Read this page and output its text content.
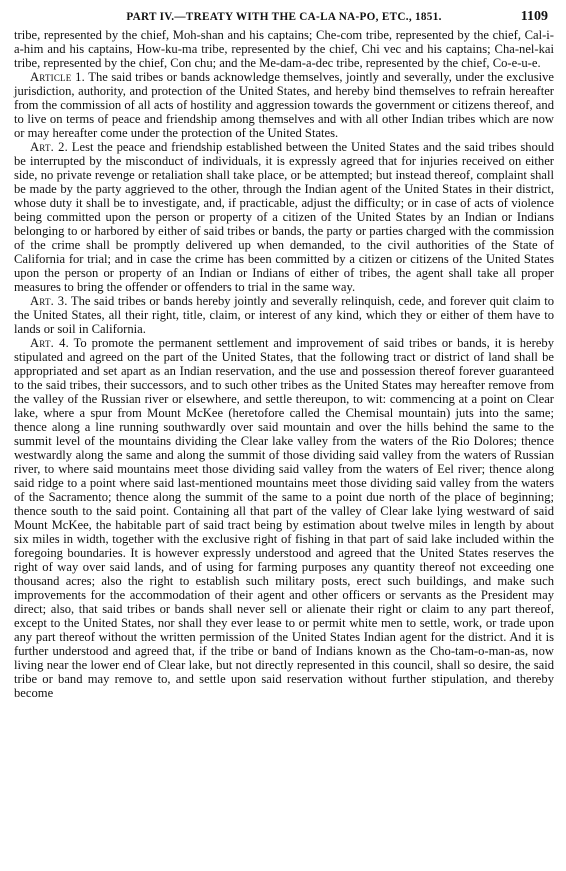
PART IV.—TREATY WITH THE CA-LA NA-PO, ETC., 1851.	1109

tribe, represented by the chief, Moh-shan and his captains; Che-com tribe, represented by the chief, Cal-i-a-him and his captains, How-ku-ma tribe, represented by the chief, Chi vec and his captains; Cha-nel-kai tribe, represented by the chief, Con chu; and the Me-dam-a-dec tribe, represented by the chief, Co-e-u-e.

Article 1. The said tribes or bands acknowledge themselves, jointly and severally, under the exclusive jurisdiction, authority, and protection of the United States, and hereby bind themselves to refrain hereafter from the commission of all acts of hostility and aggression towards the government or citizens thereof, and to live on terms of peace and friendship among themselves and with all other Indian tribes which are now or may hereafter come under the protection of the United States.

Art. 2. Lest the peace and friendship established between the United States and the said tribes should be interrupted by the misconduct of individuals, it is expressly agreed that for injuries received on either side, no private revenge or retaliation shall take place, or be attempted; but instead thereof, complaint shall be made by the party aggrieved to the other, through the Indian agent of the United States in their district, whose duty it shall be to investigate, and, if practicable, adjust the difficulty; or in case of acts of violence being committed upon the person or property of a citizen of the United States by an Indian or Indians belonging to or harbored by either of said tribes or bands, the party or parties charged with the commission of the crime shall be promptly delivered up when demanded, to the civil authorities of the State of California for trial; and in case the crime has been committed by a citizen or citizens of the United States upon the person or property of an Indian or Indians of either of tribes, the agent shall take all proper measures to bring the offender or offenders to trial in the same way.

Art. 3. The said tribes or bands hereby jointly and severally relinquish, cede, and forever quit claim to the United States, all their right, title, claim, or interest of any kind, which they or either of them have to lands or soil in California.

Art. 4. To promote the permanent settlement and improvement of said tribes or bands, it is hereby stipulated and agreed on the part of the United States, that the following tract or district of land shall be appropriated and set apart as an Indian reservation, and the use and possession thereof forever guaranteed to the said tribes, their successors, and to such other tribes as the United States may hereafter remove from the valley of the Russian river or elsewhere, and settle thereupon, to wit: commencing at a point on Clear lake, where a spur from Mount McKee (heretofore called the Chemisal mountain) juts into the same; thence along a line running southwardly over said mountain and over the hills behind the same to the summit level of the mountains dividing the Clear lake valley from the waters of the Rio Dolores; thence westwardly along the same and along the summit of those dividing said valley from the waters of Russian river, to where said mountains meet those dividing said valley from the waters of Eel river; thence along said ridge to a point where said last-mentioned mountains meet those dividing said valley from the waters of the Sacramento; thence along the summit of the same to a point due north of the place of beginning; thence south to the said point. Containing all that part of the valley of Clear lake lying westward of said Mount McKee, the habitable part of said tract being by estimation about twelve miles in length by about six miles in width, together with the exclusive right of fishing in that part of said lake included within the foregoing boundaries. It is however expressly understood and agreed that the United States reserves the right of way over said lands, and of using for farming purposes any quantity thereof not exceeding one thousand acres; also the right to establish such military posts, erect such buildings, and make such improvements for the accommodation of their agent and other officers or servants as the President may direct; also, that said tribes or bands shall never sell or alienate their right or claim to any part thereof, except to the United States, nor shall they ever lease to or permit white men to settle, work, or trade upon any part thereof without the written permission of the United States Indian agent for the district. And it is further understood and agreed that, if the tribe or band of Indians known as the Cho-tam-o-man-as, now living near the lower end of Clear lake, but not directly represented in this council, shall so desire, the said tribe or band may remove to, and settle upon said reservation without further stipulation, and thereby become
